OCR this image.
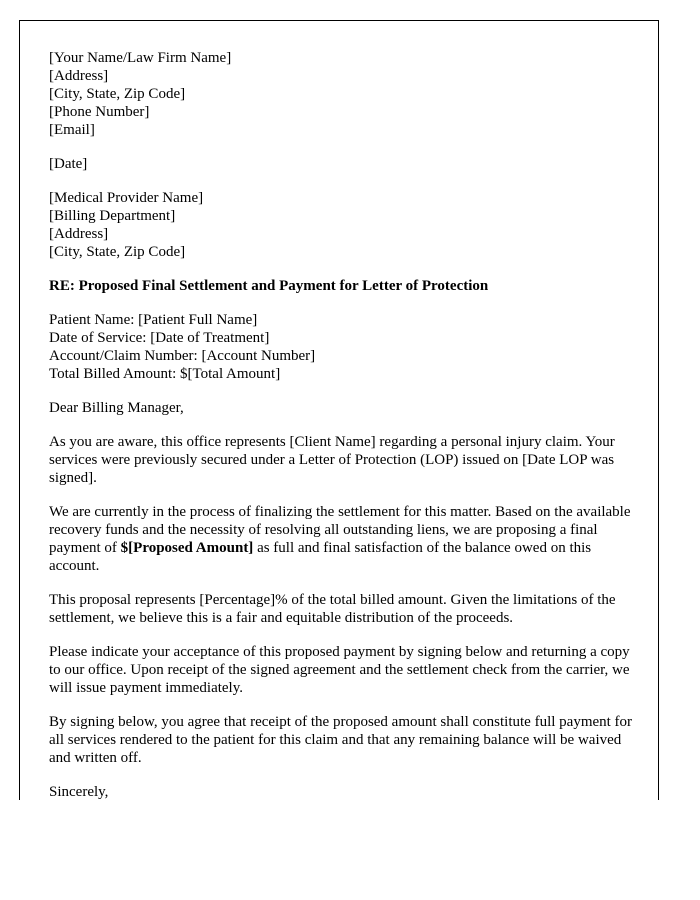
[Your Name/Law Firm Name]
[Address]
[City, State, Zip Code]
[Phone Number]
[Email]
[Date]
[Medical Provider Name]
[Billing Department]
[Address]
[City, State, Zip Code]
RE: Proposed Final Settlement and Payment for Letter of Protection
Patient Name: [Patient Full Name]
Date of Service: [Date of Treatment]
Account/Claim Number: [Account Number]
Total Billed Amount: $[Total Amount]
Dear Billing Manager,

As you are aware, this office represents [Client Name] regarding a personal injury claim. Your services were previously secured under a Letter of Protection (LOP) issued on [Date LOP was signed].

We are currently in the process of finalizing the settlement for this matter. Based on the available recovery funds and the necessity of resolving all outstanding liens, we are proposing a final payment of $[Proposed Amount] as full and final satisfaction of the balance owed on this account.

This proposal represents [Percentage]% of the total billed amount. Given the limitations of the settlement, we believe this is a fair and equitable distribution of the proceeds.

Please indicate your acceptance of this proposed payment by signing below and returning a copy to our office. Upon receipt of the signed agreement and the settlement check from the carrier, we will issue payment immediately.

By signing below, you agree that receipt of the proposed amount shall constitute full payment for all services rendered to the patient for this claim and that any remaining balance will be waived and written off.

Sincerely,
